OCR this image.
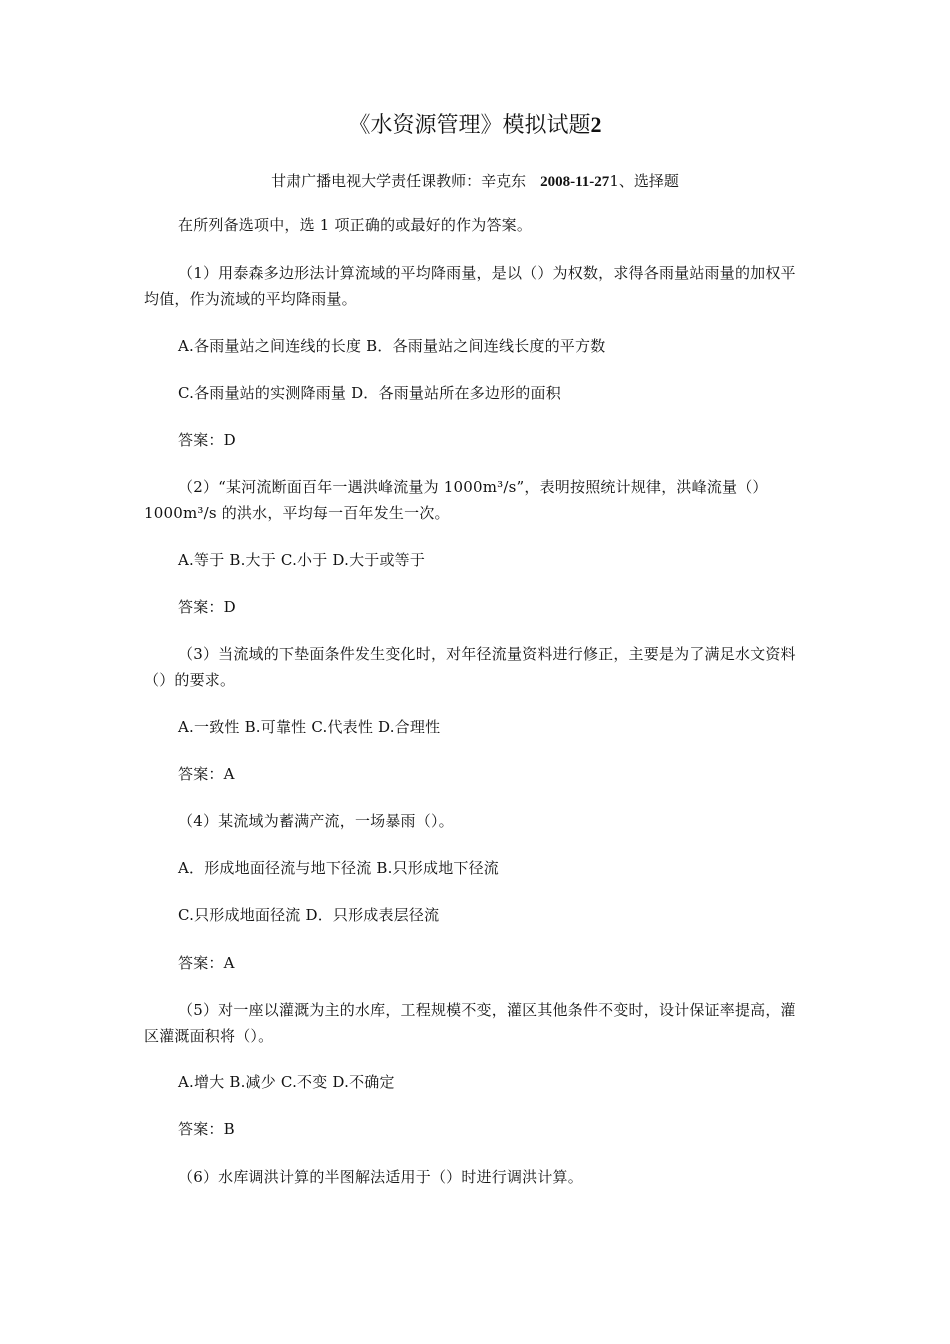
《水资源管理》模拟试题2
甘肃广播电视大学责任课教师：辛克东 2008-11-271、选择题

在所列备选项中，选 1 项正确的或最好的作为答案。

（1）用泰森多边形法计算流域的平均降雨量，是以（）为权数，求得各雨量站雨量的加权平均值，作为流域的平均降雨量。

A.各雨量站之间连线的长度 B．各雨量站之间连线长度的平方数

C.各雨量站的实测降雨量 D．各雨量站所在多边形的面积

答案：D

（2）“某河流断面百年一遇洪峰流量为 1000m³/s”，表明按照统计规律，洪峰流量（）1000m³/s 的洪水，平均每一百年发生一次。

A.等于 B.大于 C.小于 D.大于或等于

答案：D

（3）当流域的下垫面条件发生变化时，对年径流量资料进行修正，主要是为了满足水文资料（）的要求。

A.一致性 B.可靠性 C.代表性 D.合理性

答案：A

（4）某流域为蓄满产流，一场暴雨（）。

A．形成地面径流与地下径流 B.只形成地下径流

C.只形成地面径流 D．只形成表层径流

答案：A

（5）对一座以灌溉为主的水库，工程规模不变，灌区其他条件不变时，设计保证率提高，灌区灌溉面积将（）。

A.增大 B.减少 C.不变 D.不确定

答案：B

（6）水库调洪计算的半图解法适用于（）时进行调洪计算。
